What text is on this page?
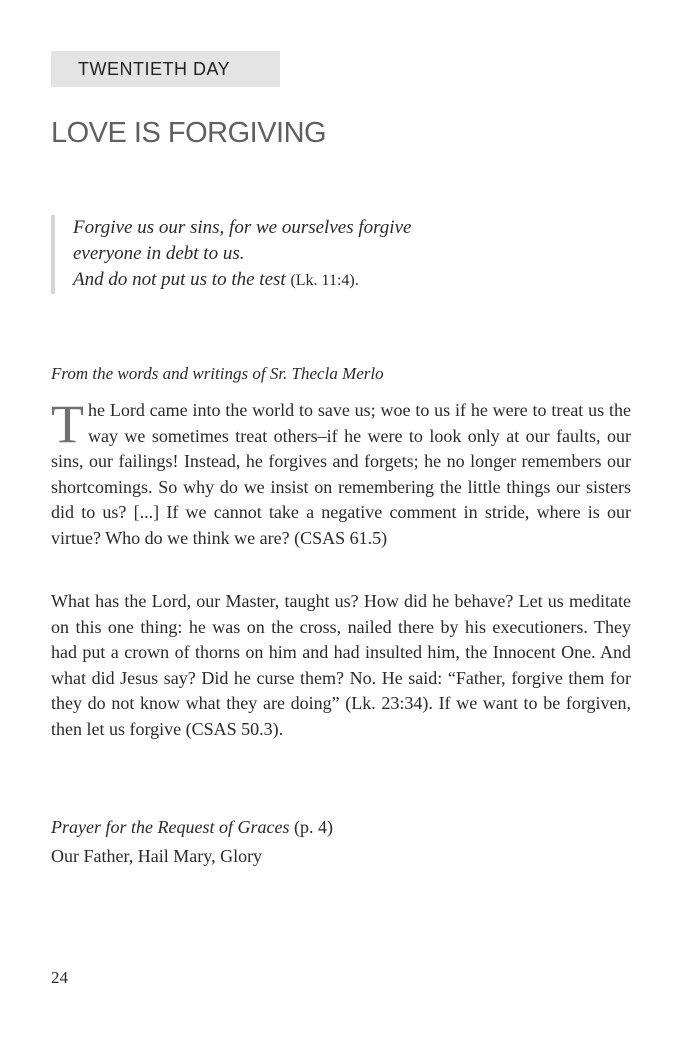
TWENTIETH DAY
LOVE IS FORGIVING
Forgive us our sins, for we ourselves forgive
everyone in debt to us.
And do not put us to the test (Lk. 11:4).
From the words and writings of Sr. Thecla Merlo

The Lord came into the world to save us; woe to us if he were to treat us the way we sometimes treat others–if he were to look only at our faults, our sins, our failings! Instead, he forgives and forgets; he no longer remembers our shortcomings. So why do we insist on remembering the little things our sisters did to us? [...] If we cannot take a negative comment in stride, where is our virtue? Who do we think we are? (CSAS 61.5)

What has the Lord, our Master, taught us? How did he behave? Let us meditate on this one thing: he was on the cross, nailed there by his executioners. They had put a crown of thorns on him and had insulted him, the Innocent One. And what did Jesus say? Did he curse them? No. He said: “Father, forgive them for they do not know what they are doing” (Lk. 23:34). If we want to be forgiven, then let us forgive (CSAS 50.3).

Prayer for the Request of Graces (p. 4)
Our Father, Hail Mary, Glory
24
